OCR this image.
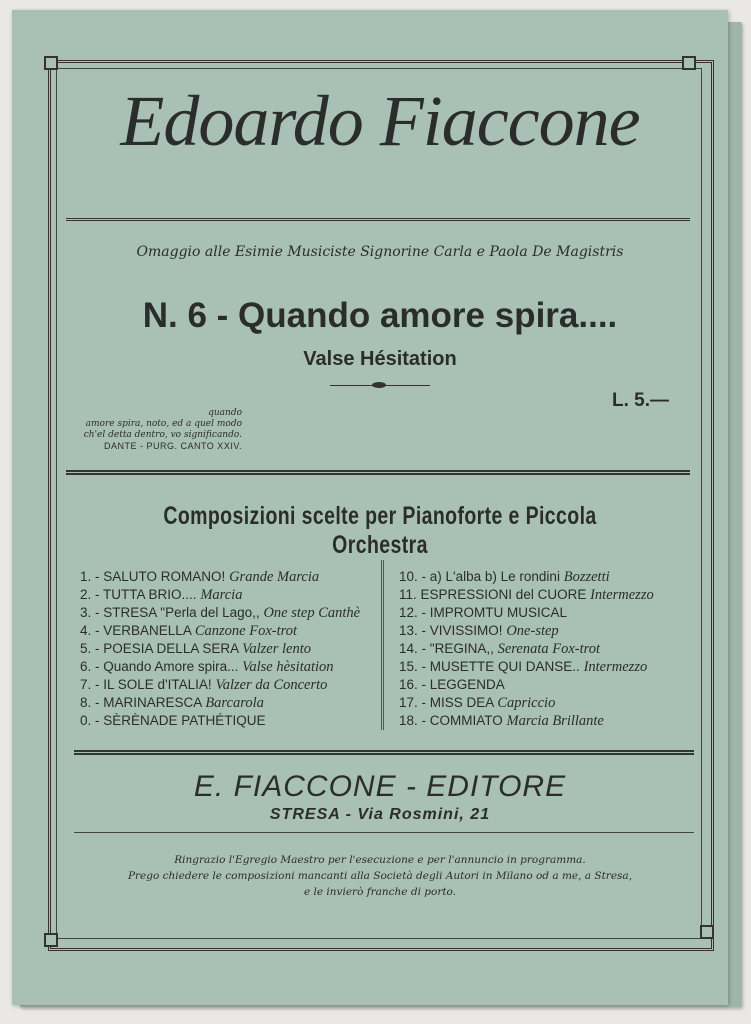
Edoardo Fiaccone
Omaggio alle Esimie Musiciste Signorine Carla e Paola De Magistris
N. 6 - Quando amore spira....
Valse Hésitation
L. 5.—
quando
amore spira, noto, ed a quel modo
ch'el detta dentro, vo significando.
DANTE - PURG. CANTO XXIV.
Composizioni scelte per Pianoforte e Piccola Orchestra
1. - SALUTO ROMANO! Grande Marcia
2. - TUTTA BRIO.... Marcia
3. - STRESA "Perla del Lago,, One step Canthè
4. - VERBANELLA Canzone Fox-trot
5. - POESIA DELLA SERA Valzer lento
6. - Quando Amore spira... Valse hèsitation
7. - IL SOLE d'ITALIA! Valzer da Concerto
8. - MARINARESCA Barcarola
0. - SÈRÈNADE PATHÉTIQUE
10. - a) L'alba b) Le rondini Bozzetti
11. ESPRESSIONI del CUORE Intermezzo
12. - IMPROMTU MUSICAL
13. - VIVISSIMO! One-step
14. - "REGINA,, Serenata Fox-trot
15. - MUSETTE QUI DANSE.. Intermezzo
16. - LEGGENDA
17. - MISS DEA Capriccio
18. - COMMIATO Marcia Brillante
E. FIACCONE - EDITORE
STRESA - Via Rosmini, 21
Ringrazio l'Egregio Maestro per l'esecuzione e per l'annuncio in programma.
Prego chiedere le composizioni mancanti alla Società degli Autori in Milano od a me, a Stresa,
e le invierò franche di porto.
